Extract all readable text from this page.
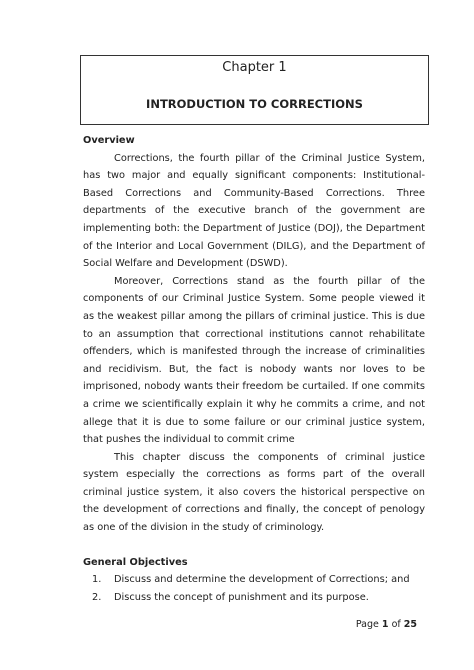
Chapter 1
INTRODUCTION TO CORRECTIONS

Overview

Corrections, the fourth pillar of the Criminal Justice System, has two major and equally significant components: Institutional-Based Corrections and Community-Based Corrections. Three departments of the executive branch of the government are implementing both: the Department of Justice (DOJ), the Department of the Interior and Local Government (DILG), and the Department of Social Welfare and Development (DSWD).

Moreover, Corrections stand as the fourth pillar of the components of our Criminal Justice System. Some people viewed it as the weakest pillar among the pillars of criminal justice. This is due to an assumption that correctional institutions cannot rehabilitate offenders, which is manifested through the increase of criminalities and recidivism. But, the fact is nobody wants nor loves to be imprisoned, nobody wants their freedom be curtailed. If one commits a crime we scientifically explain it why he commits a crime, and not allege that it is due to some failure or our criminal justice system, that pushes the individual to commit crime

This chapter discuss the components of criminal justice system especially the corrections as forms part of the overall criminal justice system, it also covers the historical perspective on the development of corrections and finally, the concept of penology as one of the division in the study of criminology.

General Objectives

1. Discuss and determine the development of Corrections; and
2. Discuss the concept of punishment and its purpose.
Page 1 of 25
